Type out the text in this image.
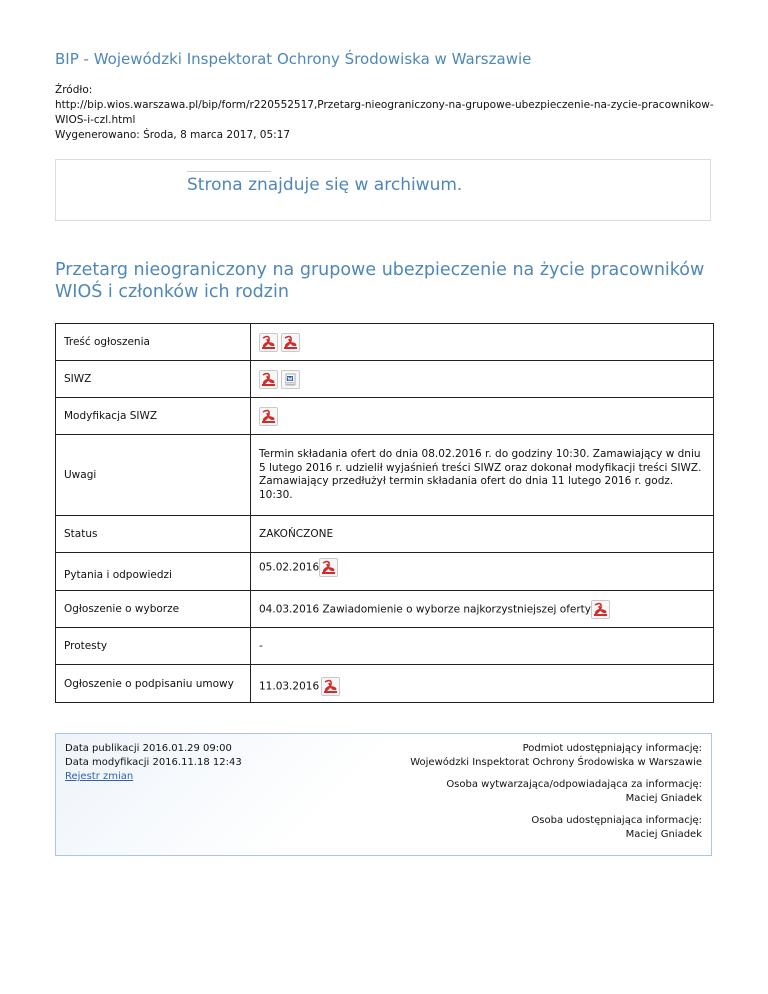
BIP - Wojewódzki Inspektorat Ochrony Środowiska w Warszawie
Źródło:
http://bip.wios.warszawa.pl/bip/form/r220552517,Przetarg-nieograniczony-na-grupowe-ubezpieczenie-na-zycie-pracownikow-
WIOS-i-czl.html
Wygenerowano: Środa, 8 marca 2017, 05:17
Strona znajduje się w archiwum.
Przetarg nieograniczony na grupowe ubezpieczenie na życie pracowników WIOŚ i członków ich rodzin
Treść ogłoszenia	

SIWZ	

Modyfikacja SIWZ	

Uwagi	Termin składania ofert do dnia 08.02.2016 r. do godziny 10:30. Zamawiający w dniu 5 lutego 2016 r. udzielił wyjaśnień treści SIWZ oraz dokonał modyfikacji treści SIWZ.
Zamawiający przedłużył termin składania ofert do dnia 11 lutego 2016 r. godz. 10:30.

Status	ZAKOŃCZONE
Pytania i odpowiedzi	05.02.2016

Ogłoszenie o wyborze	04.03.2016 Zawiadomienie o wyborze najkorzystniejszej oferty

Protesty	-
Ogłoszenie o podpisaniu umowy	11.03.2016
Data publikacji 2016.01.29 09:00
Data modyfikacji 2016.11.18 12:43
Rejestr zmian
Podmiot udostępniający informację:
Wojewódzki Inspektorat Ochrony Środowiska w Warszawie
Osoba wytwarzająca/odpowiadająca za informację:
Maciej Gniadek
Osoba udostępniająca informację:
Maciej Gniadek
